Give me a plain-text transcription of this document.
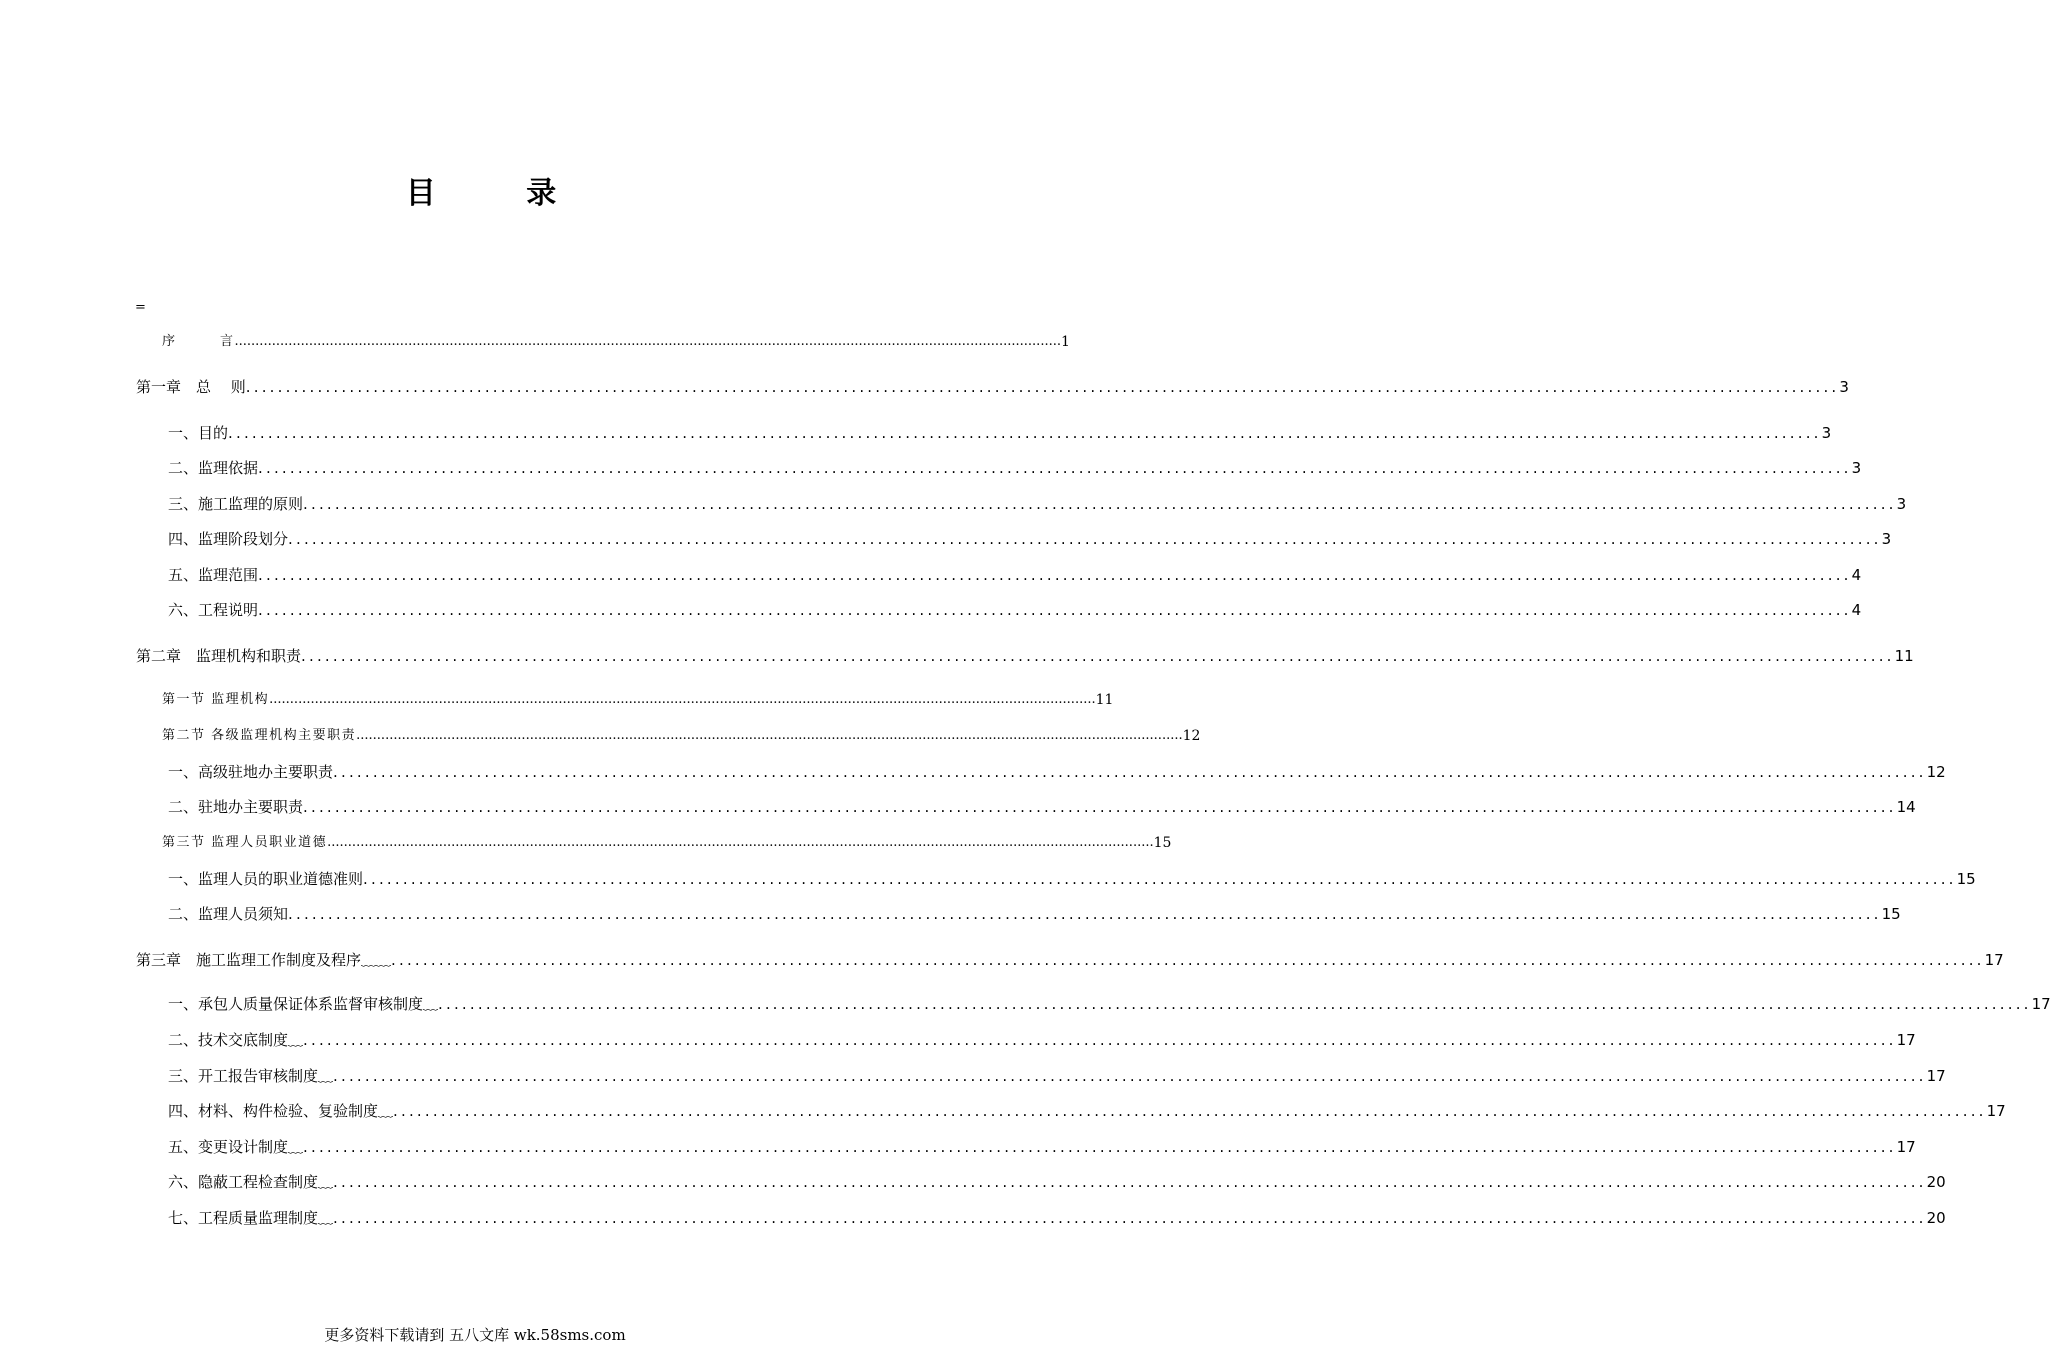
目 录
=
序　　　言 ........................................................................................................................................................................................................ 1
第一章　总　 则 ........................................................................................................................................................................................................ 3
一、目的 ........................................................................................................................................................................................................ 3
二、监理依据 ........................................................................................................................................................................................................ 3
三、施工监理的原则 ........................................................................................................................................................................................................ 3
四、监理阶段划分 ........................................................................................................................................................................................................ 3
五、监理范围 ........................................................................................................................................................................................................ 4
六、工程说明 ........................................................................................................................................................................................................ 4
第二章　监理机构和职责 ........................................................................................................................................................................................................ 11
第一节 监理机构 ........................................................................................................................................................................................................ 11
第二节 各级监理机构主要职责 ........................................................................................................................................................................................................ 12
一、高级驻地办主要职责 ........................................................................................................................................................................................................ 12
二、驻地办主要职责 ........................................................................................................................................................................................................ 14
第三节 监理人员职业道德 ........................................................................................................................................................................................................ 15
一、监理人员的职业道德准则 ........................................................................................................................................................................................................ 15
二、监理人员须知 ........................................................................................................................................................................................................ 15
第三章　施工监理工作制度及程序﹏﹏ ........................................................................................................................................................................................................ 17
一、承包人质量保证体系监督审核制度﹏ ........................................................................................................................................................................................................ 17
二、技术交底制度﹏ ........................................................................................................................................................................................................ 17
三、开工报告审核制度﹏ ........................................................................................................................................................................................................ 17
四、材料、构件检验、复验制度﹏ ........................................................................................................................................................................................................ 17
五、变更设计制度﹏ ........................................................................................................................................................................................................ 17
六、隐蔽工程检查制度﹏ ........................................................................................................................................................................................................ 20
七、工程质量监理制度﹏ ........................................................................................................................................................................................................ 20
更多资料下载请到 五八文库 wk.58sms.com
